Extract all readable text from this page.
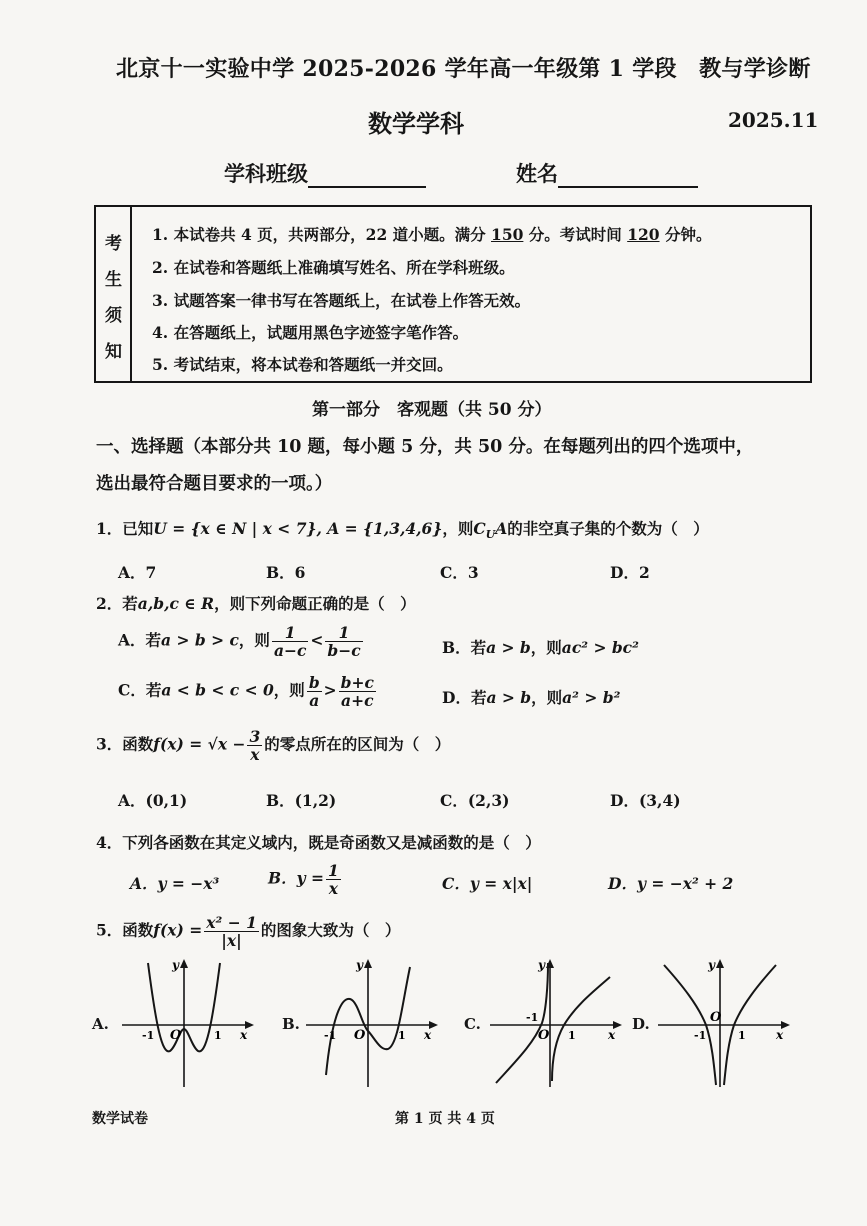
北京十一实验中学 2025-2026 学年高一年级第 1 学段　教与学诊断
数学学科	2025.11
学科班级	姓名
考
生
须
知
1. 本试卷共 4 页，共两部分，22 道小题。满分 150 分。考试时间 120 分钟。
2. 在试卷和答题纸上准确填写姓名、所在学科班级。
3. 试题答案一律书写在答题纸上，在试卷上作答无效。
4. 在答题纸上，试题用黑色字迹签字笔作答。
5. 考试结束，将本试卷和答题纸一并交回。
第一部分　客观题（共 50 分）
一、选择题（本部分共 10 题，每小题 5 分，共 50 分。在每题列出的四个选项中，
选出最符合题目要求的一项。）
1．已知U = {x ∈ N | x < 7}, A = {1,3,4,6}，则$C_UA$的非空真子集的个数为（　）
A．7	B．6	C．3	D．2
2．若a,b,c ∈ R，则下列命题正确的是（　）
A．若a > b > c，则 $\frac{1}{a-c} < \frac{1}{b-c}$	B．若a > b，则ac² > bc²
C．若a < b < c < 0，则 $\frac{b}{a} > \frac{b+c}{a+c}$	D．若a > b，则a² > b²
3．函数$f(x) = √x - \frac{3}{x}$ 的零点所在的区间为（　）
A．(0,1)	B．(1,2)	C．(2,3)	D．(3,4)
4．下列各函数在其定义域内，既是奇函数又是减函数的是（　）
A．y = −x³	B．$y = \frac{1}{x}$	C．y = x|x|	D．y = −x² + 2
5．函数$f(x) = \frac{\text{x² − 1}}{|x|}$ 的图象大致为（　）
A.	B.	C.	D.
x
y
O
-1	1	x
y
O
-1	1	x
y
O
-1
1	x
y
O
-1	1
数学试卷	第 1 页 共 4 页
